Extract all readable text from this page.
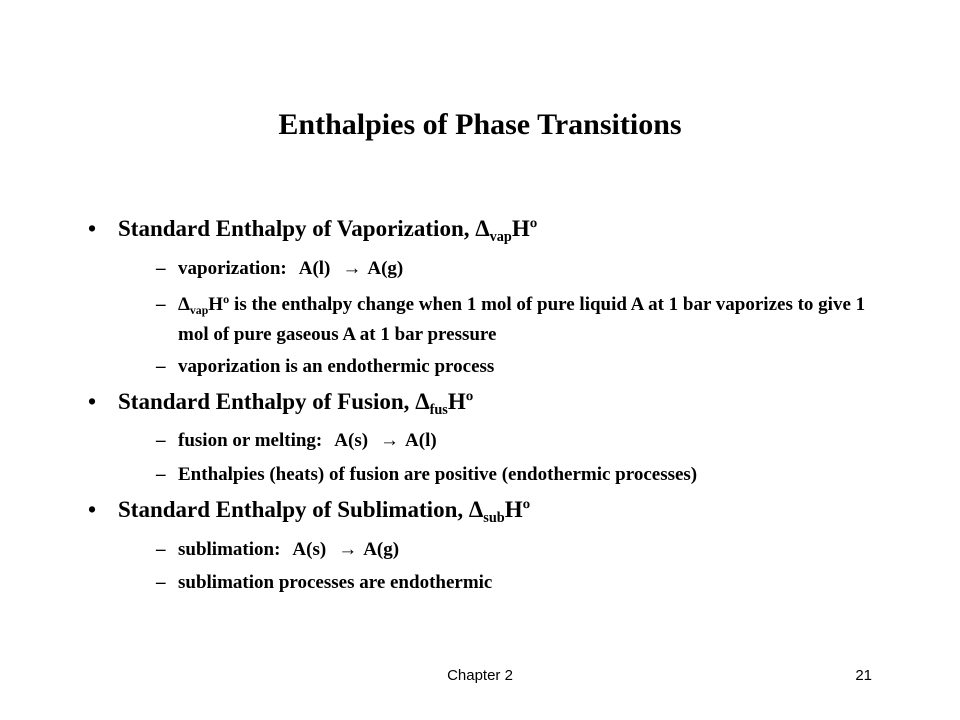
Enthalpies of Phase Transitions
• Standard Enthalpy of Vaporization, $\Delta_{vap}Hº$
– vaporization: A(l) → A(g)
– $\Delta_{vap}Hº$ is the enthalpy change when 1 mol of pure liquid A at 1 bar vaporizes to give 1 mol of pure gaseous A at 1 bar pressure
– vaporization is an endothermic process
• Standard Enthalpy of Fusion, $\Delta_{fus}Hº$
– fusion or melting: A(s) → A(l)
– Enthalpies (heats) of fusion are positive (endothermic processes)
• Standard Enthalpy of Sublimation, $\Delta_{sub}Hº$
– sublimation: A(s) → A(g)
– sublimation processes are endothermic
Chapter 2	21
